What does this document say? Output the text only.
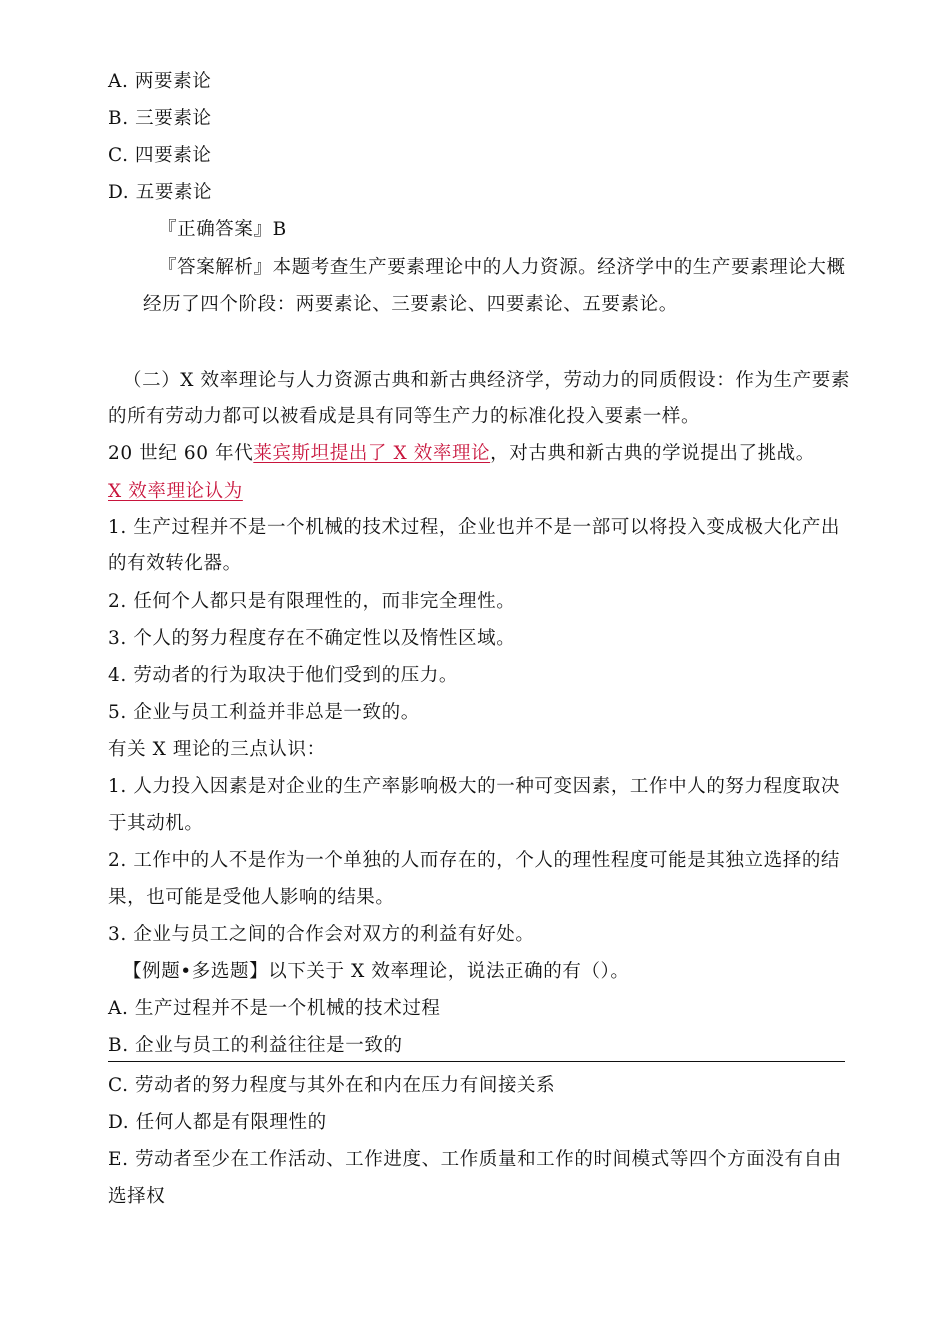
A. 两要素论
B. 三要素论
C. 四要素论
D. 五要素论
『正确答案』B
『答案解析』本题考查生产要素理论中的人力资源。经济学中的生产要素理论大概
经历了四个阶段：两要素论、三要素论、四要素论、五要素论。
（二）X 效率理论与人力资源古典和新古典经济学，劳动力的同质假设：作为生产要素
的所有劳动力都可以被看成是具有同等生产力的标准化投入要素一样。
20 世纪 60 年代莱宾斯坦提出了 X 效率理论，对古典和新古典的学说提出了挑战。
X 效率理论认为
1. 生产过程并不是一个机械的技术过程，企业也并不是一部可以将投入变成极大化产出
的有效转化器。
2. 任何个人都只是有限理性的，而非完全理性。
3. 个人的努力程度存在不确定性以及惰性区域。
4. 劳动者的行为取决于他们受到的压力。
5. 企业与员工利益并非总是一致的。
有关 X 理论的三点认识：
1. 人力投入因素是对企业的生产率影响极大的一种可变因素，工作中人的努力程度取决
于其动机。
2. 工作中的人不是作为一个单独的人而存在的，个人的理性程度可能是其独立选择的结
果，也可能是受他人影响的结果。
3. 企业与员工之间的合作会对双方的利益有好处。
【例题•多选题】以下关于 X 效率理论，说法正确的有（）。
A. 生产过程并不是一个机械的技术过程
B. 企业与员工的利益往往是一致的
C. 劳动者的努力程度与其外在和内在压力有间接关系
D. 任何人都是有限理性的
E. 劳动者至少在工作活动、工作进度、工作质量和工作的时间模式等四个方面没有自由
选择权
